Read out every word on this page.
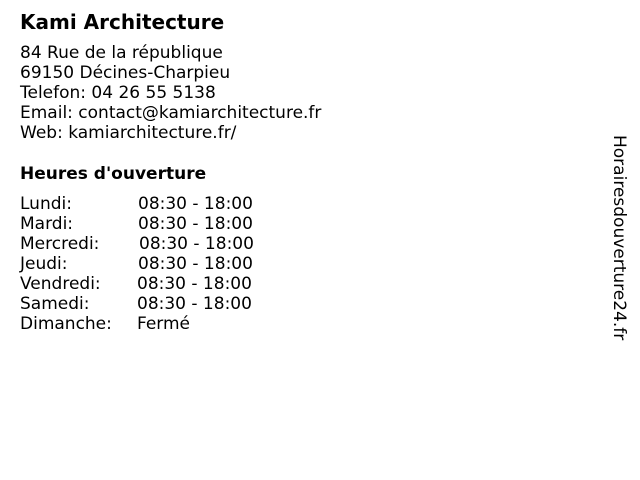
Kami Architecture
84 Rue de la république
69150 Décines-Charpieu
Telefon: 04 26 55 5138
Email: contact@kamiarchitecture.fr
Web: kamiarchitecture.fr/
Heures d'ouverture
Lundi:	08:30 - 18:00
Mardi:	08:30 - 18:00
Mercredi: 08:30 - 18:00
Jeudi:	08:30 - 18:00
Vendredi: 08:30 - 18:00
Samedi:	08:30 - 18:00
Dimanche: Fermé	Horairesdouverture24.fr
